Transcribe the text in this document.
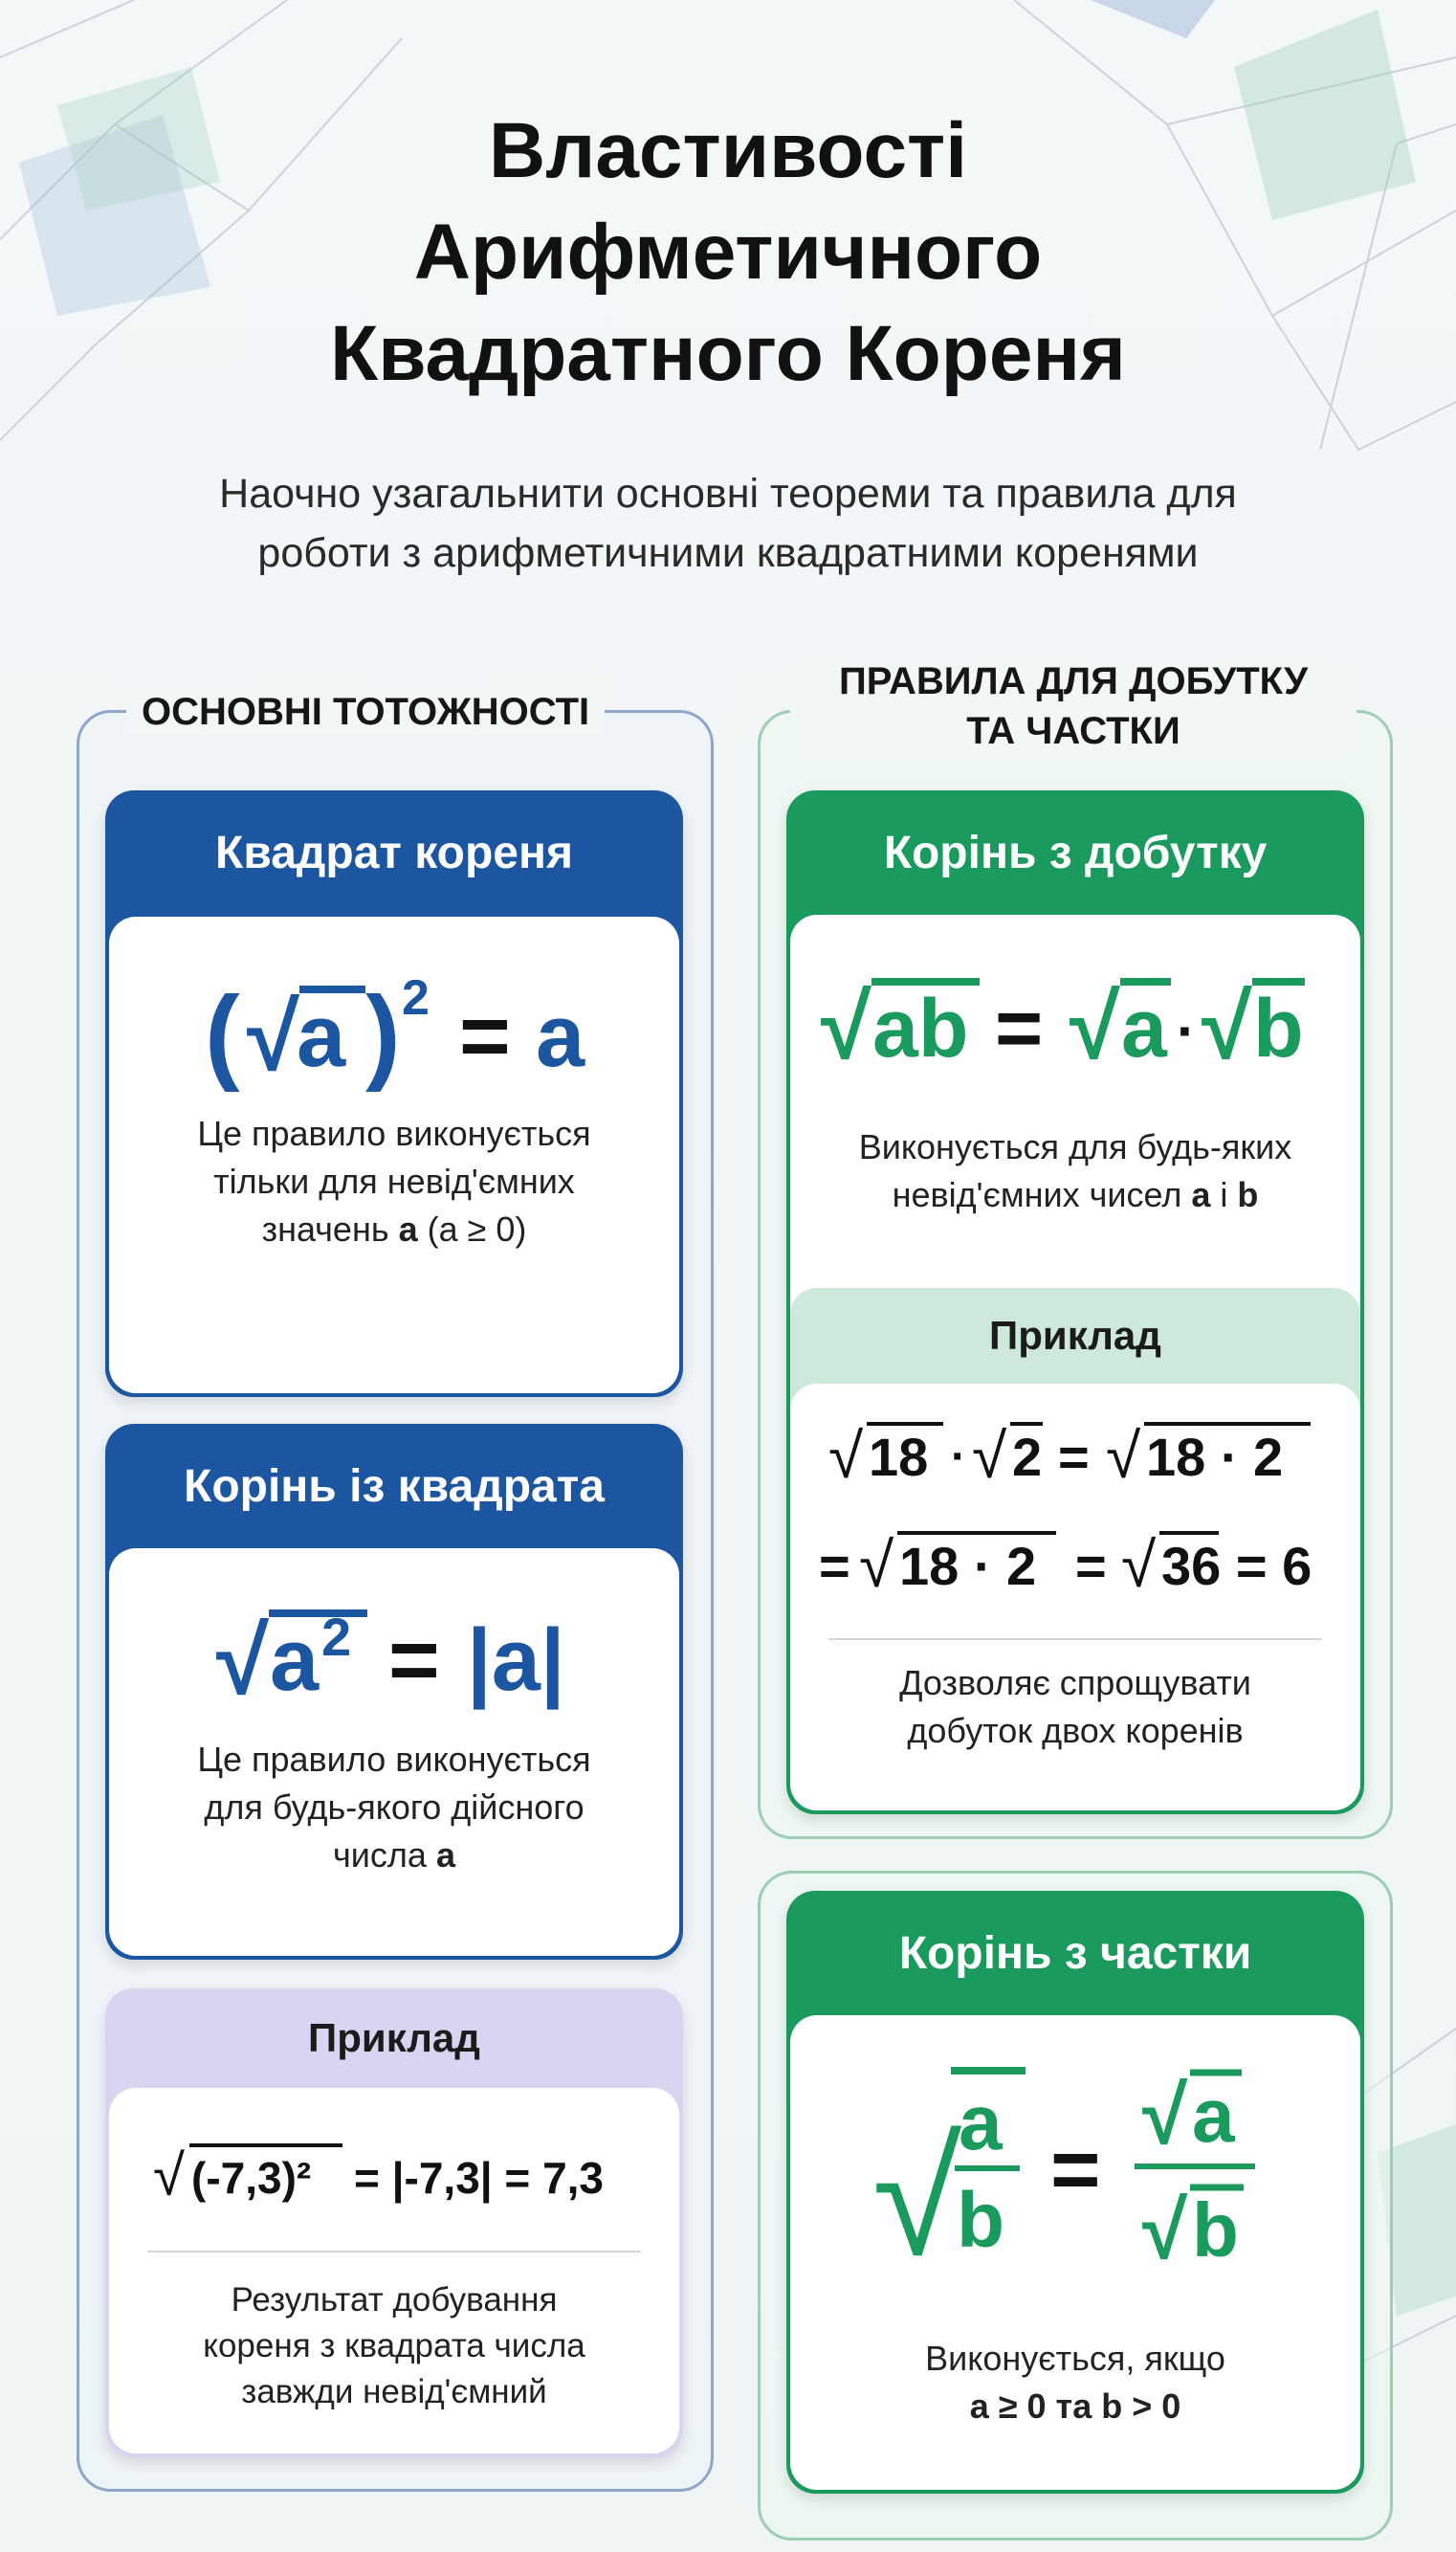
Властивості
Арифметичного
Квадратного Кореня

Наочно узагальнити основні теореми та правила для
роботи з арифметичними квадратними коренями

ОСНОВНІ ТОТОЖНОСТІ
Квадрат кореня
( √
a ) 2 = a
Це правило виконується
тільки для невід'ємних
значень a (a ≥ 0)
Корінь із квадрата
√ a 2 = |a|
Це правило виконується
для будь-якого дійсного
числа a
Приклад
√ (-7,3)² = |-7,3| = 7,3
Результат добування
кореня з квадрата числа
завжди невід'ємний
ПРАВИЛА ДЛЯ ДОБУТКУ
ТА ЧАСТКИ
Корінь з добутку
√ ab = √ a · √ b
Виконується для будь-яких
невід'ємних чисел a і b
Приклад
√ 18 · √ 2 = √ 18 · 2
= √ 18 · 2 = √ 36 = 6
Дозволяє спрощувати
добуток двох коренів
Корінь з частки
√
a
b
=
√ a
√ b
Виконується, якщо
a ≥ 0 та b > 0
